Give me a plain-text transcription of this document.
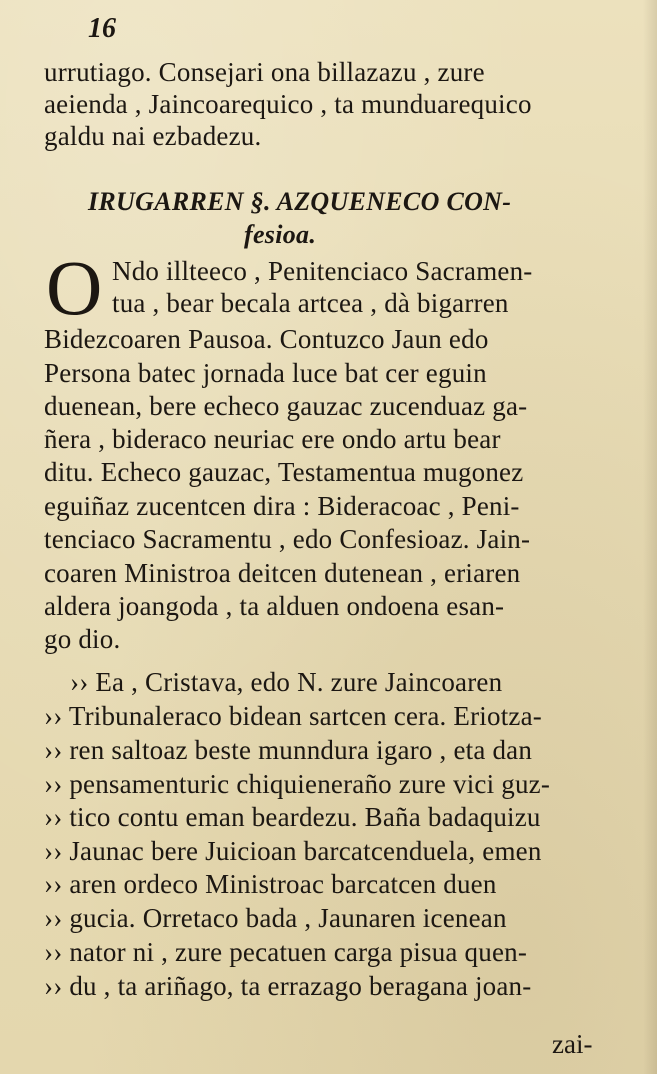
16
urrutiago. Consejari ona billazazu , zure
aeienda , Jaincoarequico , ta munduarequico
galdu nai ezbadezu.
IRUGARREN §. AZQUENECO CON-
fesioa.
O Ndo illteeco , Penitenciaco Sacramen-
tua , bear becala artcea , dà bigarren
Bidezcoaren Pausoa. Contuzco Jaun edo
Persona batec jornada luce bat cer eguin
duenean, bere echeco gauzac zucenduaz ga-
ñera , bideraco neuriac ere ondo artu bear
ditu. Echeco gauzac, Testamentua mugonez
eguiñaz zucentcen dira : Bideracoac , Peni-
tenciaco Sacramentu , edo Confesioaz. Jain-
coaren Ministroa deitcen dutenean , eriaren
aldera joangoda , ta alduen ondoena esan-
go dio.
›› Ea , Cristava, edo N. zure Jaincoaren
›› Tribunaleraco bidean sartcen cera. Eriotza-
›› ren saltoaz beste munndura igaro , eta dan
›› pensamenturic chiquieneraño zure vici guz-
›› tico contu eman beardezu. Baña badaquizu
›› Jaunac bere Juicioan barcatcenduela, emen
›› aren ordeco Ministroac barcatcen duen
›› gucia. Orretaco bada , Jaunaren icenean
›› nator ni , zure pecatuen carga pisua quen-
›› du , ta ariñago, ta errazago beragana joan-
zai-
